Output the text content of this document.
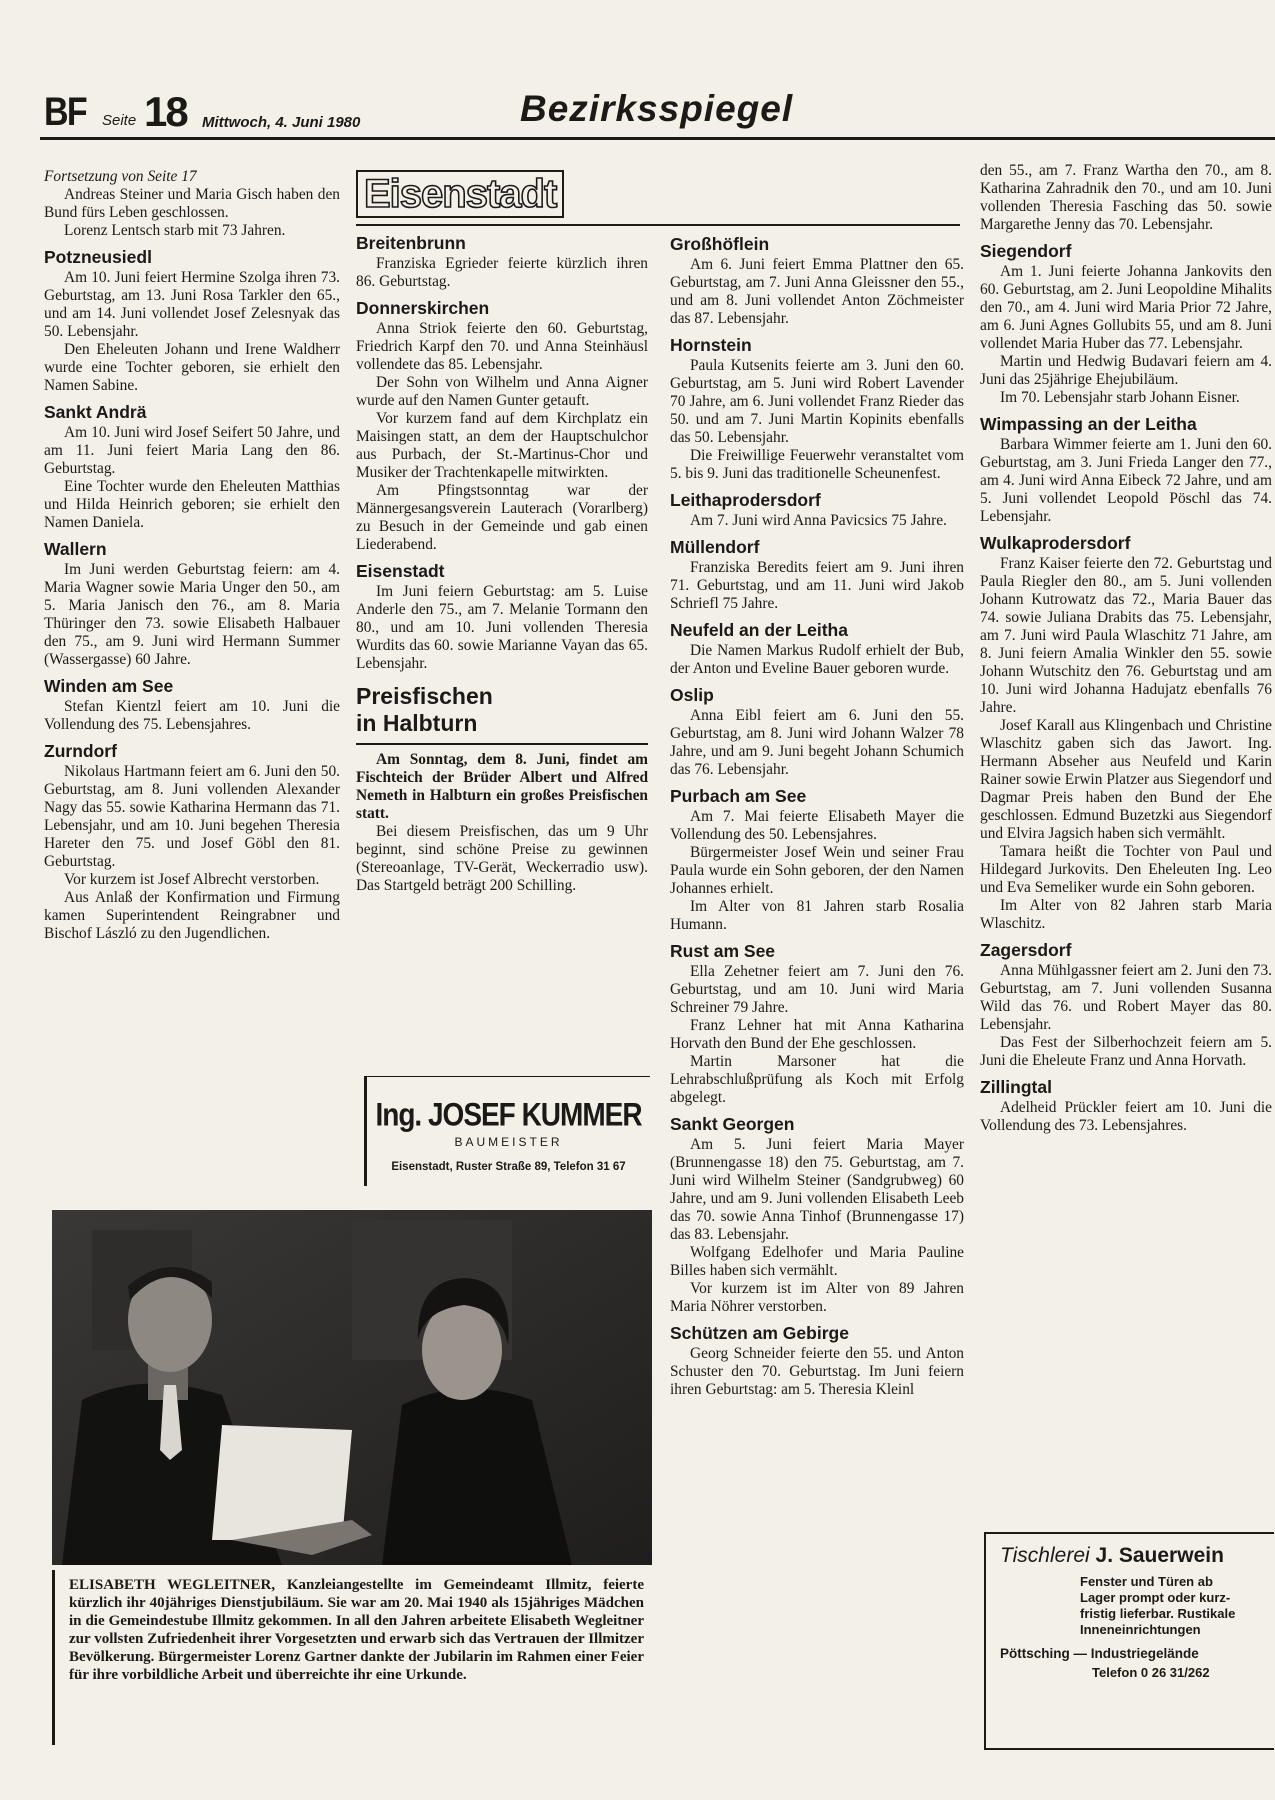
BF Seite 18 Mittwoch, 4. Juni 1980	Bezirksspiegel

Fortsetzung von Seite 17

Andreas Steiner und Maria Gisch haben den Bund fürs Leben geschlossen.

Lorenz Lentsch starb mit 73 Jahren.

Potzneusiedl

Am 10. Juni feiert Hermine Szolga ihren 73. Geburtstag, am 13. Juni Rosa Tarkler den 65., und am 14. Juni vollendet Josef Zelesnyak das 50. Lebensjahr.

Den Eheleuten Johann und Irene Waldherr wurde eine Tochter geboren, sie erhielt den Namen Sabine.

Sankt Andrä

Am 10. Juni wird Josef Seifert 50 Jahre, und am 11. Juni feiert Maria Lang den 86. Geburtstag.

Eine Tochter wurde den Eheleuten Matthias und Hilda Heinrich geboren; sie erhielt den Namen Daniela.

Wallern

Im Juni werden Geburtstag feiern: am 4. Maria Wagner sowie Maria Unger den 50., am 5. Maria Janisch den 76., am 8. Maria Thüringer den 73. sowie Elisabeth Halbauer den 75., am 9. Juni wird Hermann Summer (Wassergasse) 60 Jahre.

Winden am See

Stefan Kientzl feiert am 10. Juni die Vollendung des 75. Lebensjahres.

Zurndorf

Nikolaus Hartmann feiert am 6. Juni den 50. Geburtstag, am 8. Juni vollenden Alexander Nagy das 55. sowie Katharina Hermann das 71. Lebensjahr, und am 10. Juni begehen Theresia Hareter den 75. und Josef Göbl den 81. Geburtstag.

Vor kurzem ist Josef Albrecht verstorben.

Aus Anlaß der Konfirmation und Firmung kamen Superintendent Reingrabner und Bischof László zu den Jugendlichen.

Eisenstadt
Breitenbrunn

Franziska Egrieder feierte kürzlich ihren 86. Geburtstag.

Donnerskirchen

Anna Striok feierte den 60. Geburtstag, Friedrich Karpf den 70. und Anna Steinhäusl vollendete das 85. Lebensjahr.

Der Sohn von Wilhelm und Anna Aigner wurde auf den Namen Gunter getauft.

Vor kurzem fand auf dem Kirchplatz ein Maisingen statt, an dem der Hauptschulchor aus Purbach, der St.-Martinus-Chor und Musiker der Trachtenkapelle mitwirkten.

Am Pfingstsonntag war der Männergesangsverein Lauterach (Vorarlberg) zu Besuch in der Gemeinde und gab einen Liederabend.

Eisenstadt

Im Juni feiern Geburtstag: am 5. Luise Anderle den 75., am 7. Melanie Tormann den 80., und am 10. Juni vollenden Theresia Wurdits das 60. sowie Marianne Vayan das 65. Lebensjahr.

Preisfischen
in Halbturn

Am Sonntag, dem 8. Juni, findet am Fischteich der Brüder Albert und Alfred Nemeth in Halbturn ein großes Preisfischen statt.

Bei diesem Preisfischen, das um 9 Uhr beginnt, sind schöne Preise zu gewinnen (Stereoanlage, TV-Gerät, Weckerradio usw). Das Startgeld beträgt 200 Schilling.

Ing. JOSEF KUMMER
BAUMEISTER
Eisenstadt, Ruster Straße 89, Telefon 31 67
ELISABETH WEGLEITNER, Kanzleiangestellte im Gemeindeamt Illmitz, feierte kürzlich ihr 40jähriges Dienstjubiläum. Sie war am 20. Mai 1940 als 15jähriges Mädchen in die Gemeindestube Illmitz gekommen. In all den Jahren arbeitete Elisabeth Wegleitner zur vollsten Zufriedenheit ihrer Vorgesetzten und erwarb sich das Vertrauen der Illmitzer Bevölkerung. Bürgermeister Lorenz Gartner dankte der Jubilarin im Rahmen einer Feier für ihre vorbildliche Arbeit und überreichte ihr eine Urkunde.
Großhöflein

Am 6. Juni feiert Emma Plattner den 65. Geburtstag, am 7. Juni Anna Gleissner den 55., und am 8. Juni vollendet Anton Zöchmeister das 87. Lebensjahr.

Hornstein

Paula Kutsenits feierte am 3. Juni den 60. Geburtstag, am 5. Juni wird Robert Lavender 70 Jahre, am 6. Juni vollendet Franz Rieder das 50. und am 7. Juni Martin Kopinits ebenfalls das 50. Lebensjahr.

Die Freiwillige Feuerwehr veranstaltet vom 5. bis 9. Juni das traditionelle Scheunenfest.

Leithaprodersdorf

Am 7. Juni wird Anna Pavicsics 75 Jahre.

Müllendorf

Franziska Beredits feiert am 9. Juni ihren 71. Geburtstag, und am 11. Juni wird Jakob Schriefl 75 Jahre.

Neufeld an der Leitha

Die Namen Markus Rudolf erhielt der Bub, der Anton und Eveline Bauer geboren wurde.

Oslip

Anna Eibl feiert am 6. Juni den 55. Geburtstag, am 8. Juni wird Johann Walzer 78 Jahre, und am 9. Juni begeht Johann Schumich das 76. Lebensjahr.

Purbach am See

Am 7. Mai feierte Elisabeth Mayer die Vollendung des 50. Lebensjahres.

Bürgermeister Josef Wein und seiner Frau Paula wurde ein Sohn geboren, der den Namen Johannes erhielt.

Im Alter von 81 Jahren starb Rosalia Humann.

Rust am See

Ella Zehetner feiert am 7. Juni den 76. Geburtstag, und am 10. Juni wird Maria Schreiner 79 Jahre.

Franz Lehner hat mit Anna Katharina Horvath den Bund der Ehe geschlossen.

Martin Marsoner hat die Lehrabschlußprüfung als Koch mit Erfolg abgelegt.

Sankt Georgen

Am 5. Juni feiert Maria Mayer (Brunnengasse 18) den 75. Geburtstag, am 7. Juni wird Wilhelm Steiner (Sandgrubweg) 60 Jahre, und am 9. Juni vollenden Elisabeth Leeb das 70. sowie Anna Tinhof (Brunnengasse 17) das 83. Lebensjahr.

Wolfgang Edelhofer und Maria Pauline Billes haben sich vermählt.

Vor kurzem ist im Alter von 89 Jahren Maria Nöhrer verstorben.

Schützen am Gebirge

Georg Schneider feierte den 55. und Anton Schuster den 70. Geburtstag. Im Juni feiern ihren Geburtstag: am 5. Theresia Kleinl

den 55., am 7. Franz Wartha den 70., am 8. Katharina Zahradnik den 70., und am 10. Juni vollenden Theresia Fasching das 50. sowie Margarethe Jenny das 70. Lebensjahr.

Siegendorf

Am 1. Juni feierte Johanna Jankovits den 60. Geburtstag, am 2. Juni Leopoldine Mihalits den 70., am 4. Juni wird Maria Prior 72 Jahre, am 6. Juni Agnes Gollubits 55, und am 8. Juni vollendet Maria Huber das 77. Lebensjahr.

Martin und Hedwig Budavari feiern am 4. Juni das 25jährige Ehejubiläum.

Im 70. Lebensjahr starb Johann Eisner.

Wimpassing an der Leitha

Barbara Wimmer feierte am 1. Juni den 60. Geburtstag, am 3. Juni Frieda Langer den 77., am 4. Juni wird Anna Eibeck 72 Jahre, und am 5. Juni vollendet Leopold Pöschl das 74. Lebensjahr.

Wulkaprodersdorf

Franz Kaiser feierte den 72. Geburtstag und Paula Riegler den 80., am 5. Juni vollenden Johann Kutrowatz das 72., Maria Bauer das 74. sowie Juliana Drabits das 75. Lebensjahr, am 7. Juni wird Paula Wlaschitz 71 Jahre, am 8. Juni feiern Amalia Winkler den 55. sowie Johann Wutschitz den 76. Geburtstag und am 10. Juni wird Johanna Hadujatz ebenfalls 76 Jahre.

Josef Karall aus Klingenbach und Christine Wlaschitz gaben sich das Jawort. Ing. Hermann Abseher aus Neufeld und Karin Rainer sowie Erwin Platzer aus Siegendorf und Dagmar Preis haben den Bund der Ehe geschlossen. Edmund Buzetzki aus Siegendorf und Elvira Jagsich haben sich vermählt.

Tamara heißt die Tochter von Paul und Hildegard Jurkovits. Den Eheleuten Ing. Leo und Eva Semeliker wurde ein Sohn geboren.

Im Alter von 82 Jahren starb Maria Wlaschitz.

Zagersdorf

Anna Mühlgassner feiert am 2. Juni den 73. Geburtstag, am 7. Juni vollenden Susanna Wild das 76. und Robert Mayer das 80. Lebensjahr.

Das Fest der Silberhochzeit feiern am 5. Juni die Eheleute Franz und Anna Horvath.

Zillingtal

Adelheid Prückler feiert am 10. Juni die Vollendung des 73. Lebensjahres.

Tischlerei J. Sauerwein
Fenster und Türen ab
Lager prompt oder kurz-
fristig lieferbar. Rustikale
Inneneinrichtungen
Pöttsching — Industriegelände
Telefon 0 26 31/262
